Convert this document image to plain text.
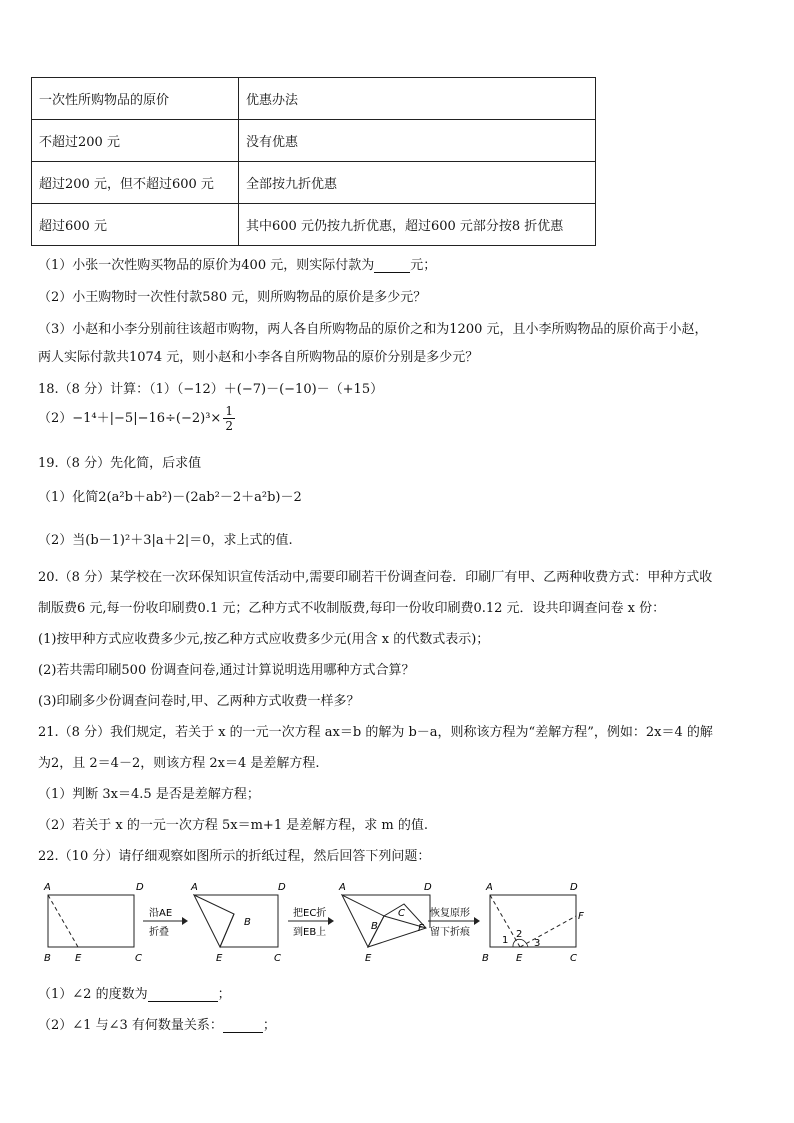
一次性所购物品的原价	优惠办法
不超过200 元	没有优惠
超过200 元，但不超过600 元	全部按九折优惠
超过600 元	其中600 元仍按九折优惠，超过600 元部分按8 折优惠
（1）小张一次性购买物品的原价为400 元，则实际付款为	元；
（2）小王购物时一次性付款580 元，则所购物品的原价是多少元？
（3）小赵和小李分别前往该超市购物，两人各自所购物品的原价之和为1200 元，且小李所购物品的原价高于小赵，
两人实际付款共1074 元，则小赵和小李各自所购物品的原价分别是多少元？
18.（8 分）计算：（1）（−12）＋(−7)－(−10)－（+15）
$(2)-1^4+|-5|-16\div(-2)^3\times \frac{1}{2}$
19.（8 分）先化简，后求值
（1）化简2(a²b＋ab²)－(2ab²－2＋a²b)－2
（2）当(b－1)²＋3|a＋2|＝0，求上式的值.
20.（8 分）某学校在一次环保知识宣传活动中,需要印刷若干份调查问卷．印刷厂有甲、乙两种收费方式：甲种方式收
制版费6 元,每一份收印刷费0.1 元；乙种方式不收制版费,每印一份收印刷费0.12 元．设共印调查问卷 x 份：
(1)按甲种方式应收费多少元,按乙种方式应收费多少元(用含 x 的代数式表示)；
(2)若共需印刷500 份调查问卷,通过计算说明选用哪种方式合算？
(3)印刷多少份调查问卷时,甲、乙两种方式收费一样多？
21.（8 分）我们规定，若关于 x 的一元一次方程 ax＝b 的解为 b－a，则称该方程为“差解方程”，例如：2x＝4 的解
为2，且 2＝4－2，则该方程 2x＝4 是差解方程.
（1）判断 3x＝4.5 是否是差解方程；
（2）若关于 x 的一元一次方程 5x＝m+1 是差解方程，求 m 的值.
22.（10 分）请仔细观察如图所示的折纸过程，然后回答下列问题：
A	D
B E	C
沿AE
折叠
A	D
B
E	C
把EC折
到EB上
A	D
B
C
F
E
恢复原形
留下折痕
A	D
F
B	E	C
1
2
3
（1）∠2 的度数为	；
（2）∠1 与∠3 有何数量关系：	；
